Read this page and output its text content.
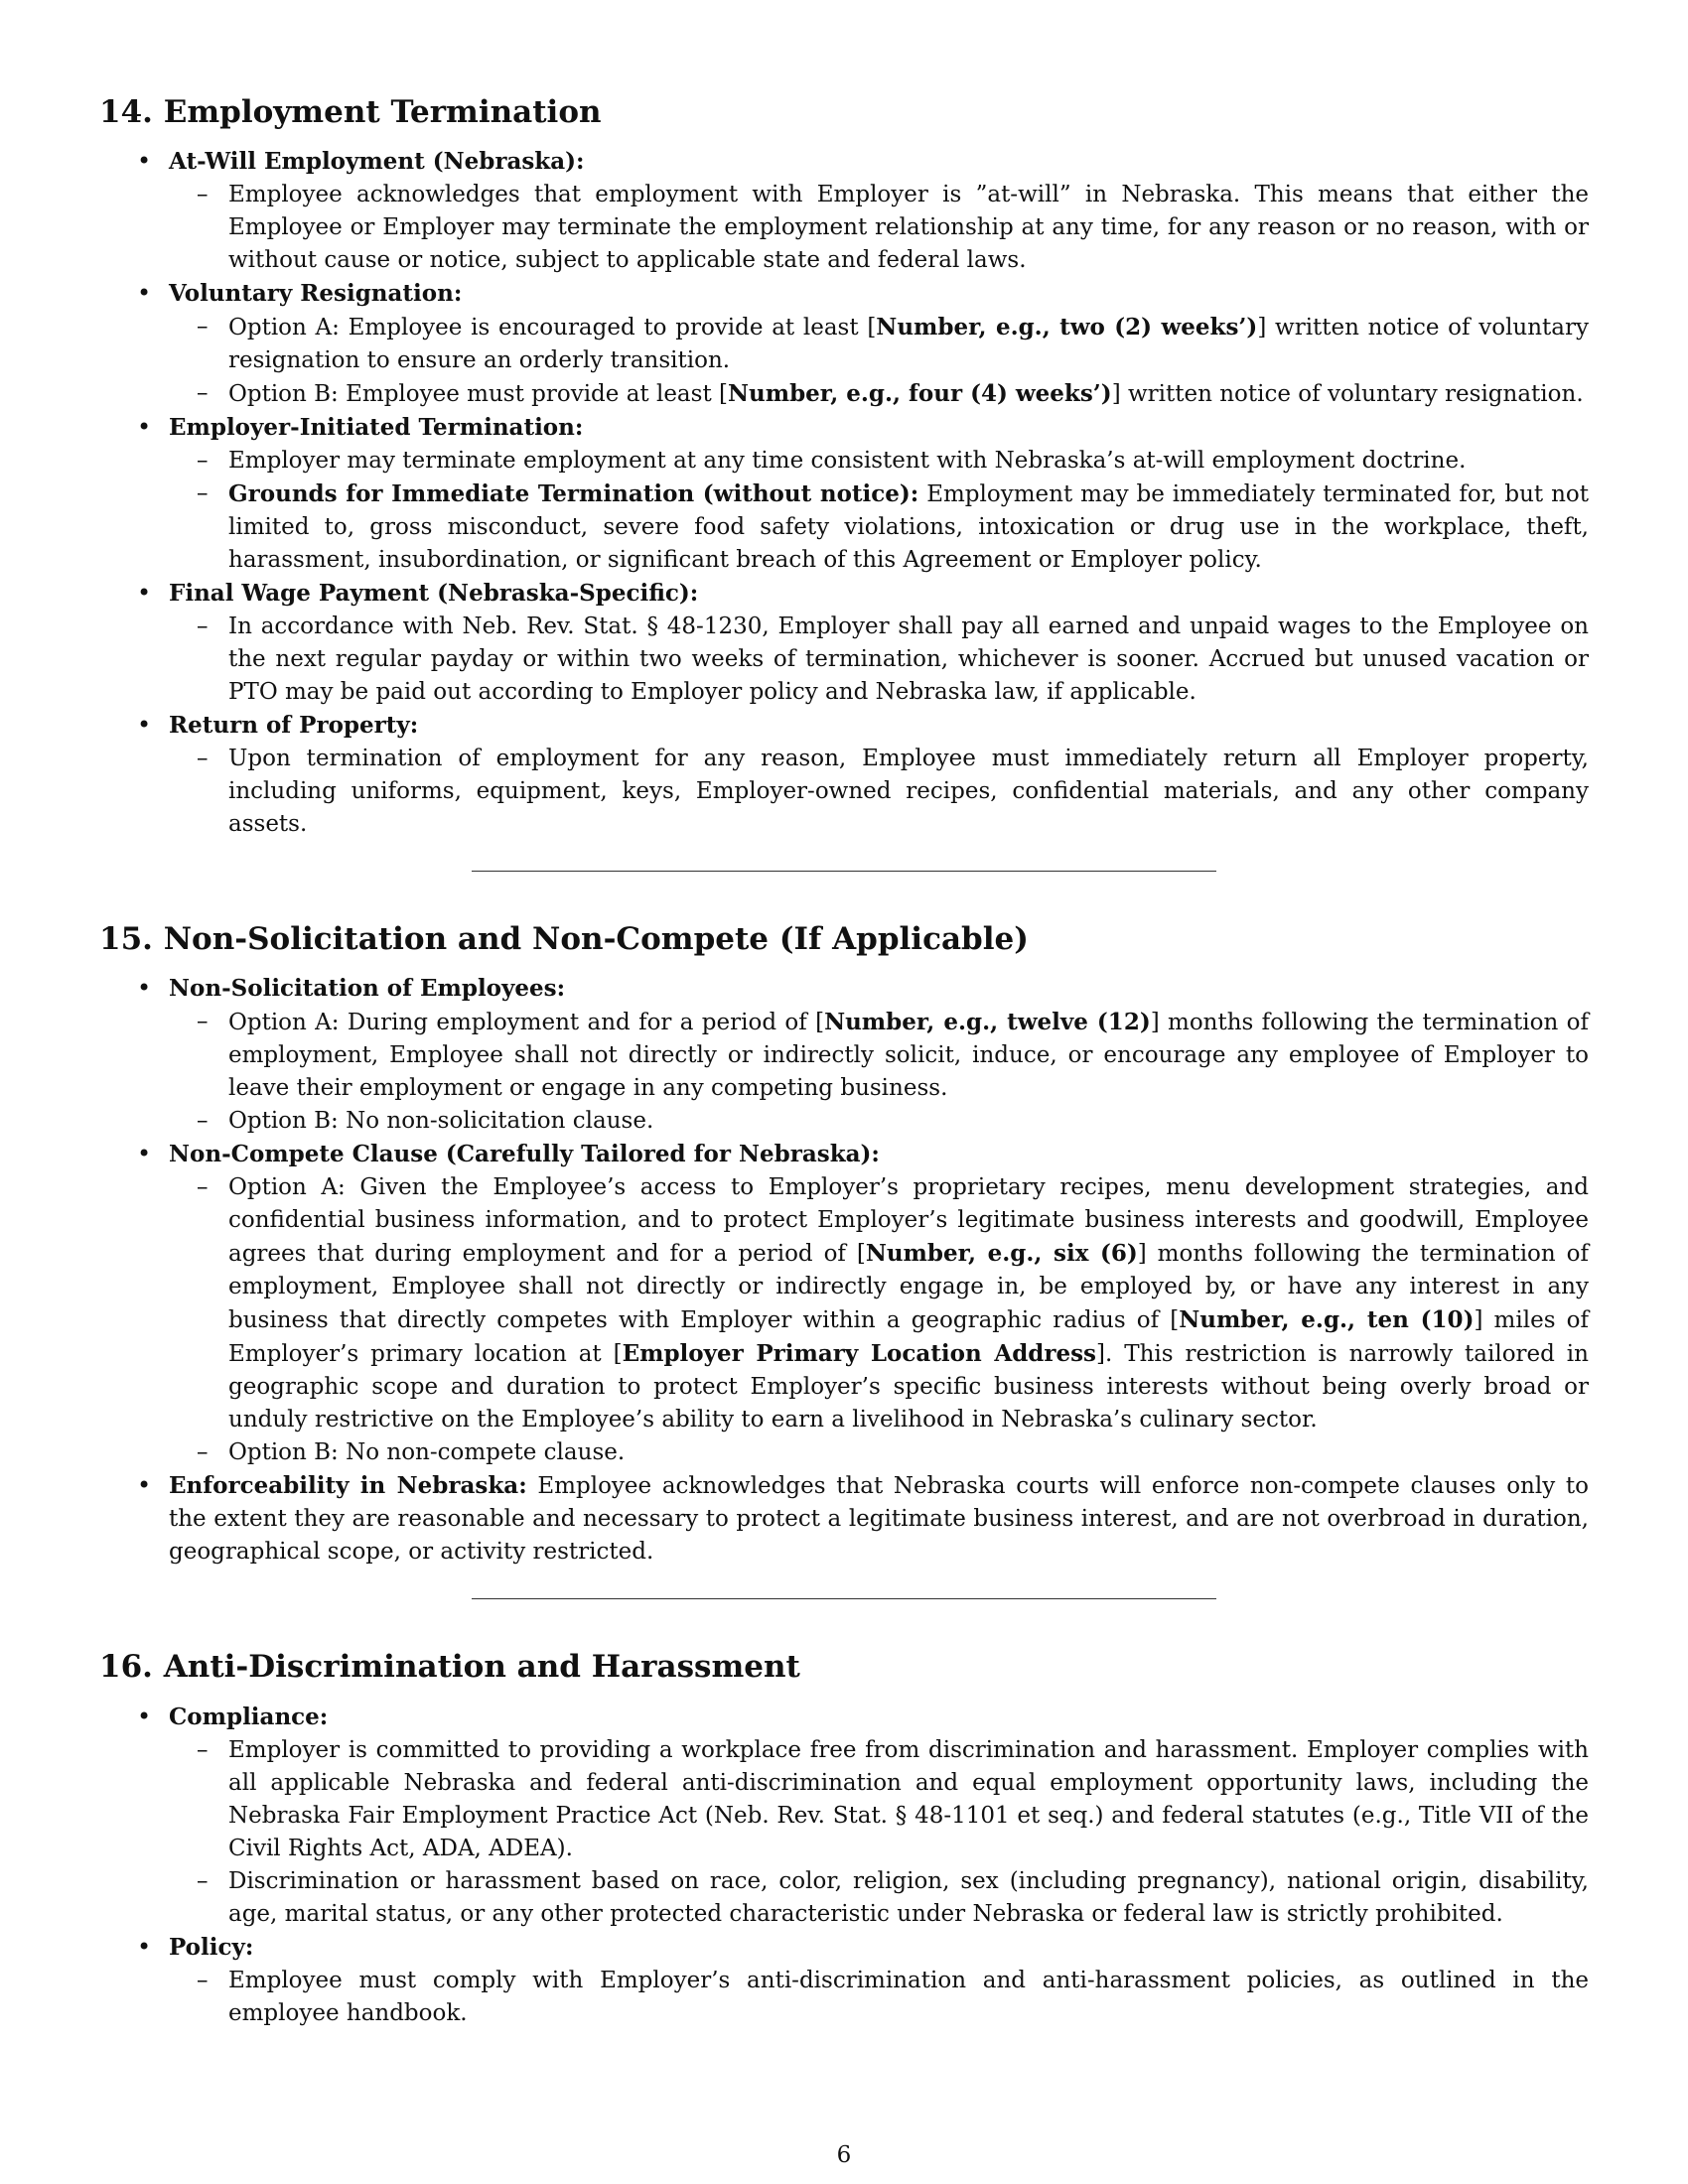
14. Employment Termination
• At-Will Employment (Nebraska):
– Employee acknowledges that employment with Employer is ”at-will” in Nebraska. This means that either the Employee or Employer may terminate the employment relationship at any time, for any reason or no reason, with or without cause or notice, subject to applicable state and federal laws.
• Voluntary Resignation:
– Option A: Employee is encouraged to provide at least [Number, e.g., two (2) weeks’)] written notice of voluntary resignation to ensure an orderly transition.
– Option B: Employee must provide at least [Number, e.g., four (4) weeks’)] written notice of voluntary resignation.
• Employer-Initiated Termination:
– Employer may terminate employment at any time consistent with Nebraska’s at-will employment doctrine.
– Grounds for Immediate Termination (without notice): Employment may be immediately terminated for, but not limited to, gross misconduct, severe food safety violations, intoxication or drug use in the workplace, theft, harassment, insubordination, or significant breach of this Agreement or Employer policy.
• Final Wage Payment (Nebraska-Specific):
– In accordance with Neb. Rev. Stat. § 48-1230, Employer shall pay all earned and unpaid wages to the Employee on the next regular payday or within two weeks of termination, whichever is sooner. Accrued but unused vacation or PTO may be paid out according to Employer policy and Nebraska law, if applicable.
• Return of Property:
– Upon termination of employment for any reason, Employee must immediately return all Employer property, including uniforms, equipment, keys, Employer-owned recipes, confidential materials, and any other company assets.
15. Non-Solicitation and Non-Compete (If Applicable)
• Non-Solicitation of Employees:
– Option A: During employment and for a period of [Number, e.g., twelve (12)] months following the termination of employment, Employee shall not directly or indirectly solicit, induce, or encourage any employee of Employer to leave their employment or engage in any competing business.
– Option B: No non-solicitation clause.
• Non-Compete Clause (Carefully Tailored for Nebraska):
– Option A: Given the Employee’s access to Employer’s proprietary recipes, menu development strategies, and confidential business information, and to protect Employer’s legitimate business interests and goodwill, Employee agrees that during employment and for a period of [Number, e.g., six (6)] months following the termination of employment, Employee shall not directly or indirectly engage in, be employed by, or have any interest in any business that directly competes with Employer within a geographic radius of [Number, e.g., ten (10)] miles of Employer’s primary location at [Employer Primary Location Address]. This restriction is narrowly tailored in geographic scope and duration to protect Employer’s specific business interests without being overly broad or unduly restrictive on the Employee’s ability to earn a livelihood in Nebraska’s culinary sector.
– Option B: No non-compete clause.
• Enforceability in Nebraska: Employee acknowledges that Nebraska courts will enforce non-compete clauses only to the extent they are reasonable and necessary to protect a legitimate business interest, and are not overbroad in duration, geographical scope, or activity restricted.
16. Anti-Discrimination and Harassment
• Compliance:
– Employer is committed to providing a workplace free from discrimination and harassment. Employer complies with all applicable Nebraska and federal anti-discrimination and equal employment opportunity laws, including the Nebraska Fair Employment Practice Act (Neb. Rev. Stat. § 48-1101 et seq.) and federal statutes (e.g., Title VII of the Civil Rights Act, ADA, ADEA).
– Discrimination or harassment based on race, color, religion, sex (including pregnancy), national origin, disability, age, marital status, or any other protected characteristic under Nebraska or federal law is strictly prohibited.
• Policy:
– Employee must comply with Employer’s anti-discrimination and anti-harassment policies, as outlined in the employee handbook.
6
